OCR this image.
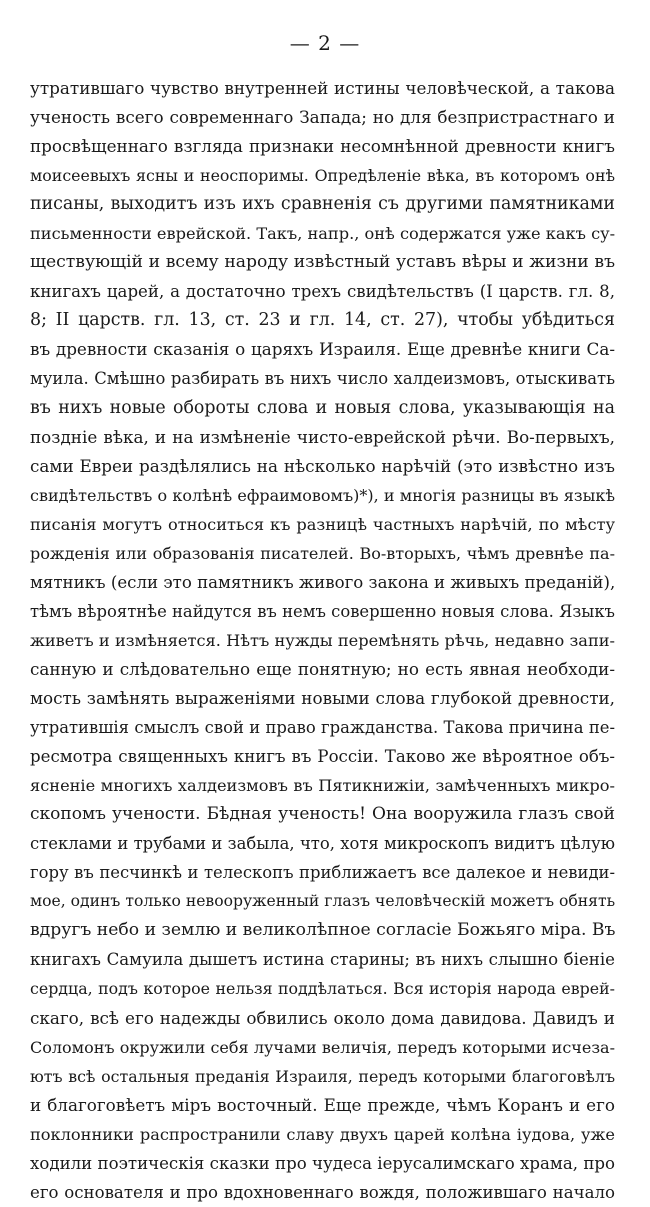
— 2 —
утратившаго чувство внутренней истины человѣческой, а такова
ученость всего современнаго Запада; но для безпристрастнаго и
просвѣщеннаго взгляда признаки несомнѣнной древности книгъ
моисеевыхъ ясны и неоспоримы. Опредѣленіе вѣка, въ которомъ онѣ
писаны, выходитъ изъ ихъ сравненія съ другими памятниками
письменности еврейской. Такъ, напр., онѣ содержатся уже какъ су-
ществующій и всему народу извѣстный уставъ вѣры и жизни въ
книгахъ царей, а достаточно трехъ свидѣтельствъ (I царств. гл. 8,
8; II царств. гл. 13, ст. 23 и гл. 14, ст. 27), чтобы убѣдиться
въ древности сказанія о царяхъ Израиля. Еще древнѣе книги Са-
муила. Смѣшно разбирать въ нихъ число халдеизмовъ, отыскивать
въ нихъ новые обороты слова и новыя слова, указывающія на
поздніе вѣка, и на измѣненіе чисто-еврейской рѣчи. Во-первыхъ,
сами Евреи раздѣлялись на нѣсколько нарѣчій (это извѣстно изъ
свидѣтельствъ о колѣнѣ ефраимовомъ)*), и многія разницы въ языкѣ
писанія могутъ относиться къ разницѣ частныхъ нарѣчій, по мѣсту
рожденія или образованія писателей. Во-вторыхъ, чѣмъ древнѣе па-
мятникъ (если это памятникъ живого закона и живыхъ преданій),
тѣмъ вѣроятнѣе найдутся въ немъ совершенно новыя слова. Языкъ
живетъ и измѣняется. Нѣтъ нужды перемѣнять рѣчь, недавно запи-
санную и слѣдовательно еще понятную; но есть явная необходи-
мость замѣнять выраженіями новыми слова глубокой древности,
утратившія смыслъ свой и право гражданства. Такова причина пе-
ресмотра священныхъ книгъ въ Россіи. Таково же вѣроятное объ-
ясненіе многихъ халдеизмовъ въ Пятикнижіи, замѣченныхъ микро-
скопомъ учености. Бѣдная ученость! Она вооружила глазъ свой
стеклами и трубами и забыла, что, хотя микроскопъ видитъ цѣлую
гору въ песчинкѣ и телескопъ приближаетъ все далекое и невиди-
мое, одинъ только невооруженный глазъ человѣческій можетъ обнять
вдругъ небо и землю и великолѣпное согласіе Божьяго міра. Въ
книгахъ Самуила дышетъ истина старины; въ нихъ слышно біеніе
сердца, подъ которое нельзя поддѣлаться. Вся исторія народа еврей-
скаго, всѣ его надежды обвились около дома давидова. Давидъ и
Соломонъ окружили себя лучами величія, передъ которыми исчеза-
ютъ всѣ остальныя преданія Израиля, передъ которыми благоговѣлъ
и благоговѣетъ міръ восточный. Еще прежде, чѣмъ Коранъ и его
поклонники распространили славу двухъ царей колѣна іудова, уже
ходили поэтическія сказки про чудеса іерусалимскаго храма, про
его основателя и про вдохновеннаго вождя, положившаго начало
